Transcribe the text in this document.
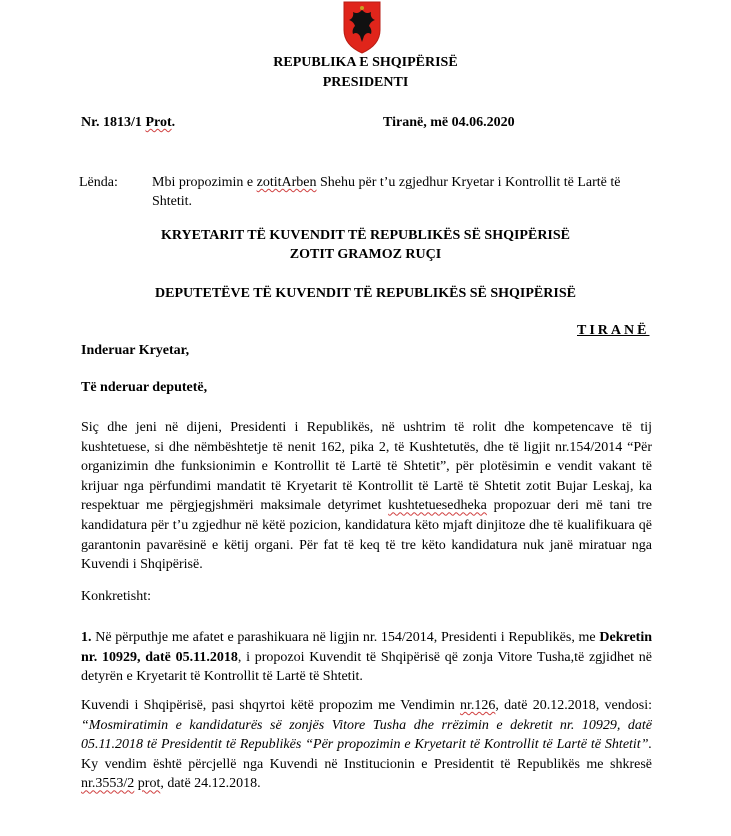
REPUBLIKA E SHQIPËRISË
PRESIDENTI
Nr. 1813/1 Prot.	Tiranë, më 04.06.2020
Lënda: Mbi propozimin e zotitArben Shehu për t’u zgjedhur Kryetar i Kontrollit të Lartë të
Shtetit.
KRYETARIT TË KUVENDIT TË REPUBLIKËS SË SHQIPËRISË
ZOTIT GRAMOZ RUÇI
DEPUTETËVE TË KUVENDIT TË REPUBLIKËS SË SHQIPËRISË
TIRANË
Inderuar Kryetar,
Të nderuar deputetë,
Siç dhe jeni në dijeni, Presidenti i Republikës, në ushtrim të rolit dhe kompetencave të tij kushtetuese, si dhe nëmbështetje të nenit 162, pika 2, të Kushtetutës, dhe të ligjit nr.154/2014 “Për organizimin dhe funksionimin e Kontrollit të Lartë të Shtetit”, për plotësimin e vendit vakant të krijuar nga përfundimi mandatit të Kryetarit të Kontrollit të Lartë të Shtetit zotit Bujar Leskaj, ka respektuar me përgjegjshmëri maksimale detyrimet kushtetuesedheka propozuar deri më tani tre kandidatura për t’u zgjedhur në këtë pozicion, kandidatura këto mjaft dinjitoze dhe të kualifikuara që garantonin pavarësinë e këtij organi. Për fat të keq të tre këto kandidatura nuk janë miratuar nga Kuvendi i Shqipërisë.
Konkretisht:
1. Në përputhje me afatet e parashikuara në ligjin nr. 154/2014, Presidenti i Republikës, me Dekretin nr. 10929, datë 05.11.2018, i propozoi Kuvendit të Shqipërisë që zonja Vitore Tusha,të zgjidhet në detyrën e Kryetarit të Kontrollit të Lartë të Shtetit.
Kuvendi i Shqipërisë, pasi shqyrtoi këtë propozim me Vendimin nr.126, datë 20.12.2018, vendosi: “Mosmiratimin e kandidaturës së zonjës Vitore Tusha dhe rrëzimin e dekretit nr. 10929, datë 05.11.2018 të Presidentit të Republikës “Për propozimin e Kryetarit të Kontrollit të Lartë të Shtetit”. Ky vendim është përcjellë nga Kuvendi në Institucionin e Presidentit të Republikës me shkresë nr.3553/2 prot, datë 24.12.2018.
